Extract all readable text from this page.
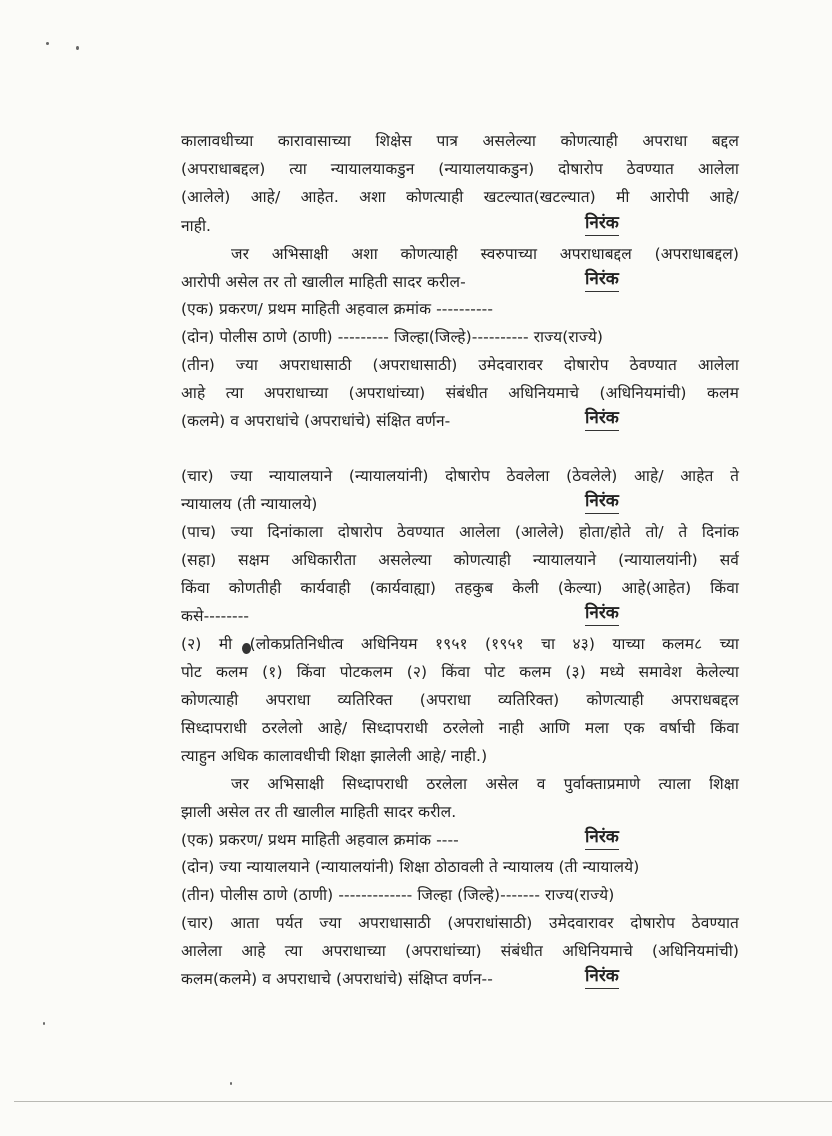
कालावधीच्या कारावासाच्या शिक्षेस पात्र असलेल्या कोणत्याही अपराधा बद्दल
(अपराधाबद्दल) त्या न्यायालयाकडुन (न्यायालयाकडुन) दोषारोप ठेवण्यात आलेला
(आलेले) आहे/ आहेत. अशा कोणत्याही खटल्यात(खटल्यात) मी आरोपी आहे/
नाही.	निरंक
जर अभिसाक्षी अशा कोणत्याही स्वरुपाच्या अपराधाबद्दल (अपराधाबद्दल)
आरोपी असेल तर तो खालील माहिती सादर करील-	निरंक
(एक) प्रकरण/ प्रथम माहिती अहवाल क्रमांक ----------
(दोन) पोलीस ठाणे (ठाणी) --------- जिल्हा(जिल्हे)---------- राज्य(राज्ये)
(तीन) ज्या अपराधासाठी (अपराधासाठी) उमेदवारावर दोषारोप ठेवण्यात आलेला
आहे त्या अपराधाच्या (अपराधांच्या) संबंधीत अधिनियमाचे (अधिनियमांची) कलम
(कलमे) व अपराधांचे (अपराधांचे) संक्षित वर्णन-	निरंक
(चार) ज्या न्यायालयाने (न्यायालयांनी) दोषारोप ठेवलेला (ठेवलेले) आहे/ आहेत ते
न्यायालय (ती न्यायालये)	निरंक
(पाच) ज्या दिनांकाला दोषारोप ठेवण्यात आलेला (आलेले) होता/होते तो/ ते दिनांक
(सहा) सक्षम अधिकारीता असलेल्या कोणत्याही न्यायालयाने (न्यायालयांनी) सर्व
किंवा कोणतीही कार्यवाही (कार्यवाह्या) तहकुब केली (केल्या) आहे(आहेत) किंवा
कसे--------	निरंक
(२) मी (लोकप्रतिनिधीत्व अधिनियम १९५१ (१९५१ चा ४३) याच्या कलम८ च्या
पोट कलम (१) किंवा पोटकलम (२) किंवा पोट कलम (३) मध्ये समावेश केलेल्या
कोणत्याही अपराधा व्यतिरिक्त (अपराधा व्यतिरिक्त) कोणत्याही अपराधबद्दल
सिध्दापराधी ठरलेलो आहे/ सिध्दापराधी ठरलेलो नाही आणि मला एक वर्षाची किंवा
त्याहुन अधिक कालावधीची शिक्षा झालेली आहे/ नाही.)
जर अभिसाक्षी सिध्दापराधी ठरलेला असेल व पुर्वाक्ताप्रमाणे त्याला शिक्षा
झाली असेल तर ती खालील माहिती सादर करील.
(एक) प्रकरण/ प्रथम माहिती अहवाल क्रमांक ----	निरंक
(दोन) ज्या न्यायालयाने (न्यायालयांनी) शिक्षा ठोठावली ते न्यायालय (ती न्यायालये)
(तीन) पोलीस ठाणे (ठाणी) ------------- जिल्हा (जिल्हे)------- राज्य(राज्ये)
(चार) आता पर्यत ज्या अपराधासाठी (अपराधांसाठी) उमेदवारावर दोषारोप ठेवण्यात
आलेला आहे त्या अपराधाच्या (अपराधांच्या) संबंधीत अधिनियमाचे (अधिनियमांची)
कलम(कलमे) व अपराधाचे (अपराधांचे) संक्षिप्त वर्णन--	निरंक
